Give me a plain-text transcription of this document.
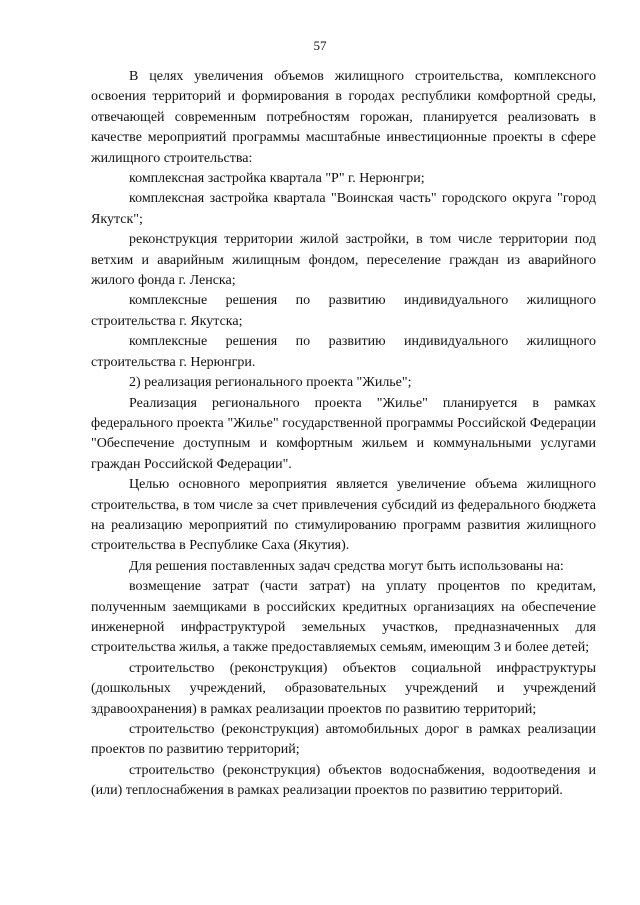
57

В целях увеличения объемов жилищного строительства, комплексного освоения территорий и формирования в городах республики комфортной среды, отвечающей современным потребностям горожан, планируется реализовать в качестве мероприятий программы масштабные инвестиционные проекты в сфере жилищного строительства:

комплексная застройка квартала "Р" г. Нерюнгри;

комплексная застройка квартала "Воинская часть" городского округа "город Якутск";

реконструкция территории жилой застройки, в том числе территории под ветхим и аварийным жилищным фондом, переселение граждан из аварийного жилого фонда г. Ленска;

комплексные решения по развитию индивидуального жилищного строительства г. Якутска;

комплексные решения по развитию индивидуального жилищного строительства г. Нерюнгри.

2) реализация регионального проекта "Жилье";

Реализация регионального проекта "Жилье" планируется в рамках федерального проекта "Жилье" государственной программы Российской Федерации "Обеспечение доступным и комфортным жильем и коммунальными услугами граждан Российской Федерации".

Целью основного мероприятия является увеличение объема жилищного строительства, в том числе за счет привлечения субсидий из федерального бюджета на реализацию мероприятий по стимулированию программ развития жилищного строительства в Республике Саха (Якутия).

Для решения поставленных задач средства могут быть использованы на:

возмещение затрат (части затрат) на уплату процентов по кредитам, полученным заемщиками в российских кредитных организациях на обеспечение инженерной инфраструктурой земельных участков, предназначенных для строительства жилья, а также предоставляемых семьям, имеющим 3 и более детей;

строительство (реконструкция) объектов социальной инфраструктуры (дошкольных учреждений, образовательных учреждений и учреждений здравоохранения) в рамках реализации проектов по развитию территорий;

строительство (реконструкция) автомобильных дорог в рамках реализации проектов по развитию территорий;

строительство (реконструкция) объектов водоснабжения, водоотведения и (или) теплоснабжения в рамках реализации проектов по развитию территорий.
